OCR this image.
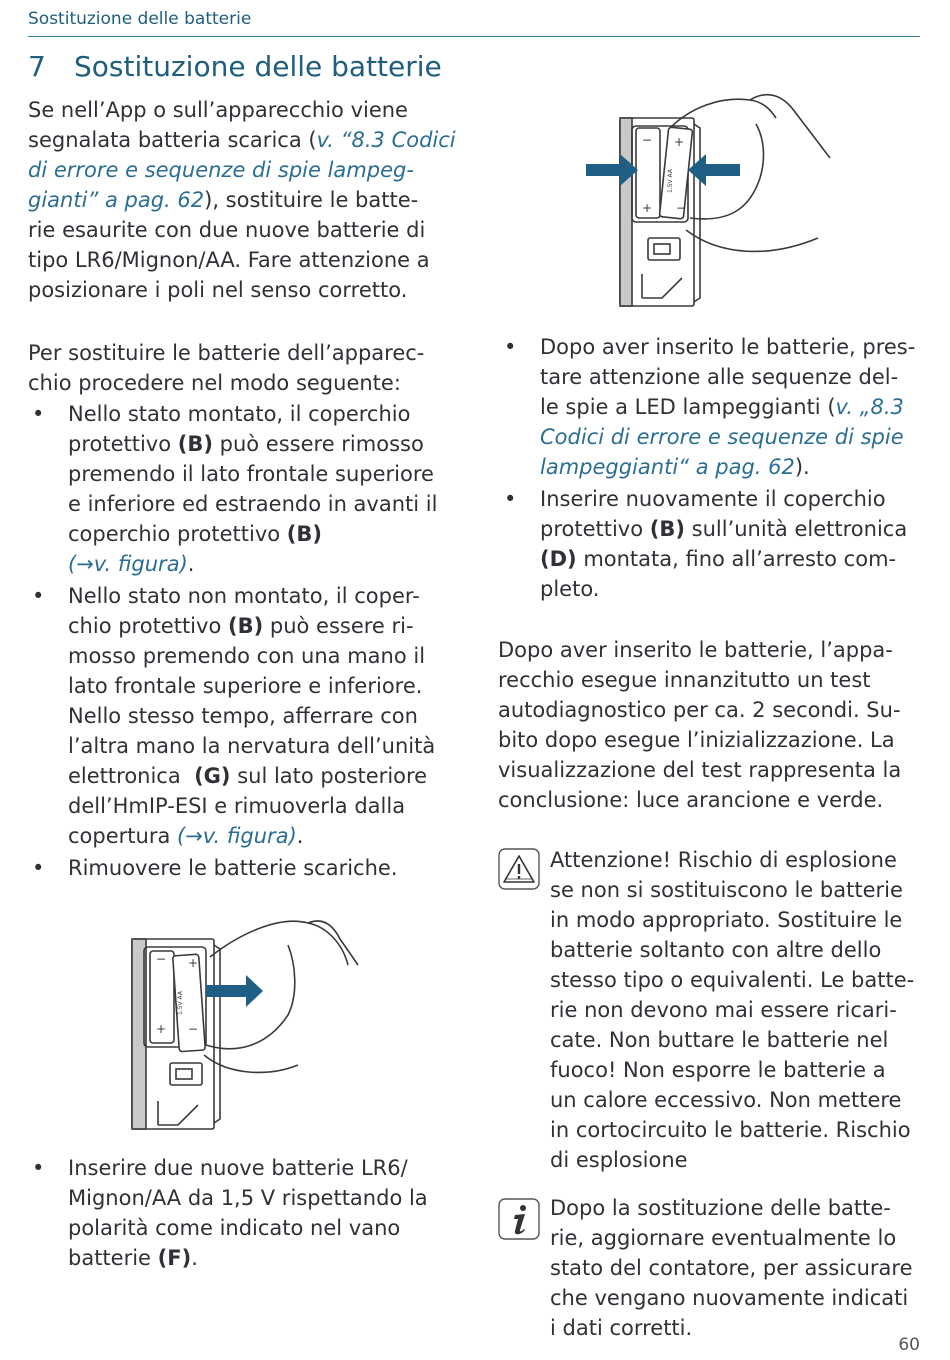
Sostituzione delle batterie
7 Sostituzione delle batterie
Se nell’App o sull’apparecchio viene
segnalata batteria scarica (v. “8.3 Codici
di errore e sequenze di spie lampeg-
gianti” a pag. 62), sostituire le batte-
rie esaurite con due nuove batterie di
tipo LR6/Mignon/AA. Fare attenzione a
posizionare i poli nel senso corretto.
Per sostituire le batterie dell’apparec-
chio procedere nel modo seguente:
• Nello stato montato, il coperchio
protettivo (B) può essere rimosso
premendo il lato frontale superiore
e inferiore ed estraendo in avanti il
coperchio protettivo (B)
(→v. figura).
• Nello stato non montato, il coper-
chio protettivo (B) può essere ri-
mosso premendo con una mano il
lato frontale superiore e inferiore.
Nello stesso tempo, afferrare con
l’altra mano la nervatura dell’unità
elettronica  (G) sul lato posteriore
dell’HmIP-ESI e rimuoverla dalla
copertura (→v. figura).
• Rimuovere le batterie scariche.
− +
+ −
1.5V AA
• Inserire due nuove batterie LR6/
Mignon/AA da 1,5 V rispettando la
polarità come indicato nel vano
batterie (F).
− +
+ −
1.5V AA
• Dopo aver inserito le batterie, pres-
tare attenzione alle sequenze del-
le spie a LED lampeggianti (v. „8.3
Codici di errore e sequenze di spie
lampeggianti“ a pag. 62).
• Inserire nuovamente il coperchio
protettivo (B) sull’unità elettronica
(D) montata, fino all’arresto com-
pleto.
Dopo aver inserito le batterie, l’appa-
recchio esegue innanzitutto un test
autodiagnostico per ca. 2 secondi. Su-
bito dopo esegue l’inizializzazione. La
visualizzazione del test rappresenta la
conclusione: luce arancione e verde.
Attenzione! Rischio di esplosione
se non si sostituiscono le batterie
in modo appropriato. Sostituire le
batterie soltanto con altre dello
stesso tipo o equivalenti. Le batte-
rie non devono mai essere ricari-
cate. Non buttare le batterie nel
fuoco! Non esporre le batterie a
un calore eccessivo. Non mettere
in cortocircuito le batterie. Rischio
di esplosione
Dopo la sostituzione delle batte-
rie, aggiornare eventualmente lo
stato del contatore, per assicurare
che vengano nuovamente indicati
i dati corretti.
60
